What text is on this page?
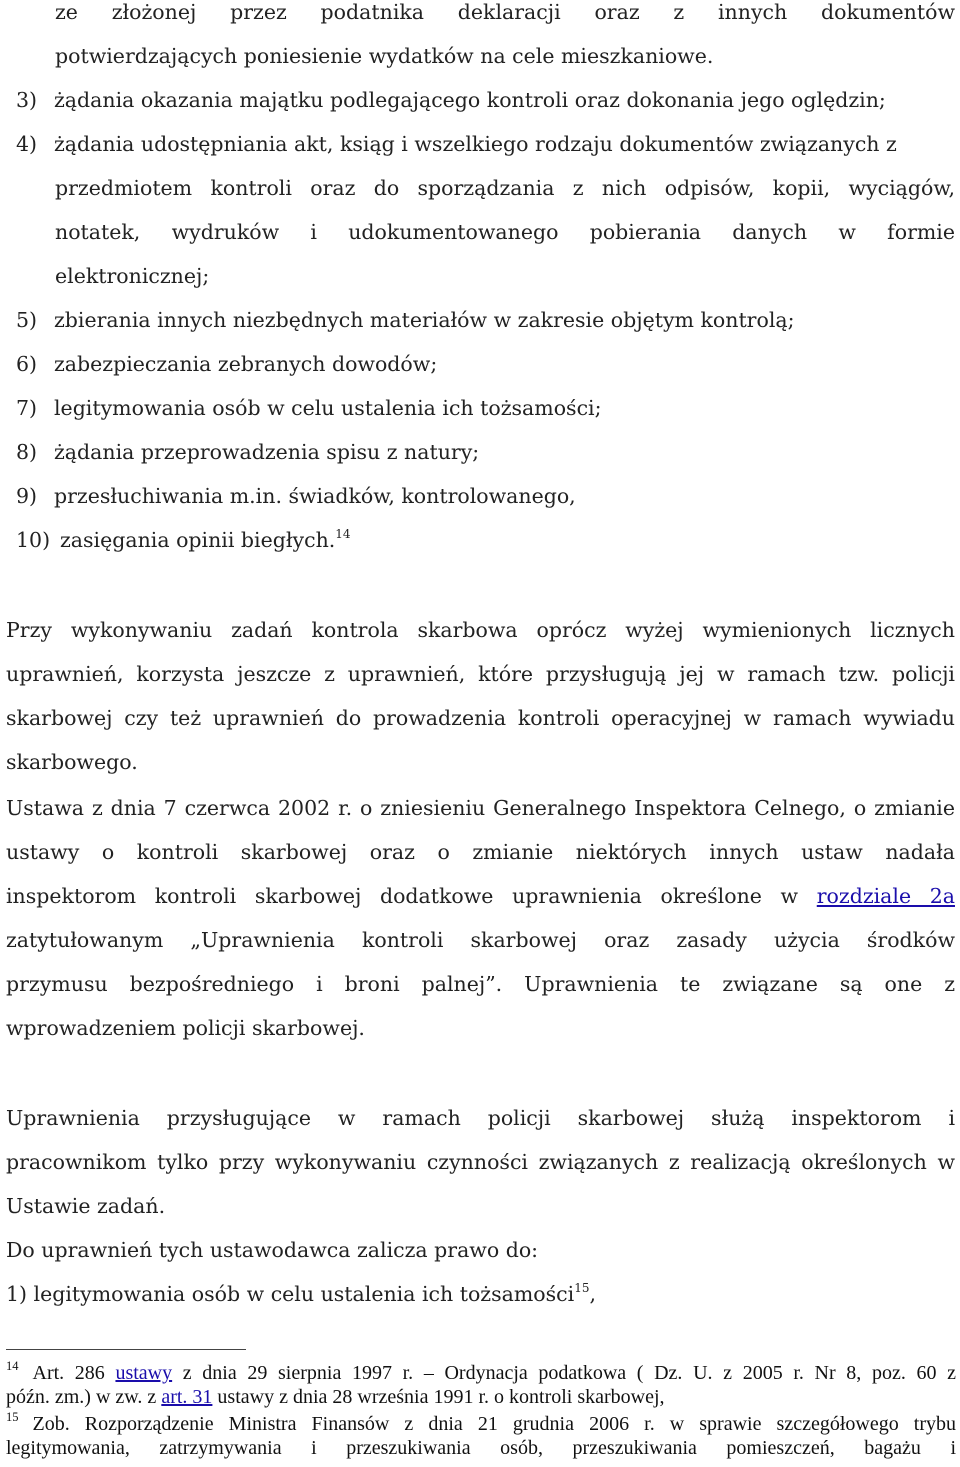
ze złożonej przez podatnika deklaracji oraz z innych dokumentów
potwierdzających poniesienie wydatków na cele mieszkaniowe.
3) żądania okazania majątku podlegającego kontroli oraz dokonania jego oględzin;
4) żądania udostępniania akt, ksiąg i wszelkiego rodzaju dokumentów związanych z
przedmiotem kontroli oraz do sporządzania z nich odpisów, kopii, wyciągów,
notatek, wydruków i udokumentowanego pobierania danych w formie
elektronicznej;
5) zbierania innych niezbędnych materiałów w zakresie objętym kontrolą;
6) zabezpieczania zebranych dowodów;
7) legitymowania osób w celu ustalenia ich tożsamości;
8) żądania przeprowadzenia spisu z natury;
9) przesłuchiwania m.in. świadków, kontrolowanego,
10) zasięgania opinii biegłych.$^{14}$
Przy wykonywaniu zadań kontrola skarbowa oprócz wyżej wymienionych licznych
uprawnień, korzysta jeszcze z uprawnień, które przysługują jej w ramach tzw. policji
skarbowej czy też uprawnień do prowadzenia kontroli operacyjnej w ramach wywiadu
skarbowego.
Ustawa z dnia 7 czerwca 2002 r. o zniesieniu Generalnego Inspektora Celnego, o zmianie
ustawy o kontroli skarbowej oraz o zmianie niektórych innych ustaw nadała
inspektorom kontroli skarbowej dodatkowe uprawnienia określone w rozdziale 2a
zatytułowanym „Uprawnienia kontroli skarbowej oraz zasady użycia środków
przymusu bezpośredniego i broni palnej”. Uprawnienia te związane są one z
wprowadzeniem policji skarbowej.
Uprawnienia przysługujące w ramach policji skarbowej służą inspektorom i
pracownikom tylko przy wykonywaniu czynności związanych z realizacją określonych w
Ustawie zadań.
Do uprawnień tych ustawodawca zalicza prawo do:
1) legitymowania osób w celu ustalenia ich tożsamości$^{15}$,
$^{14}$ Art. 286 ustawy z dnia 29 sierpnia 1997 r. – Ordynacja podatkowa ( Dz. U. z 2005 r. Nr 8, poz. 60 z
późn. zm.) w zw. z art. 31 ustawy z dnia 28 września 1991 r. o kontroli skarbowej,
$^{15}$ Zob. Rozporządzenie Ministra Finansów z dnia 21 grudnia 2006 r. w sprawie szczegółowego trybu
legitymowania, zatrzymywania i przeszukiwania osób, przeszukiwania pomieszczeń, bagażu i
